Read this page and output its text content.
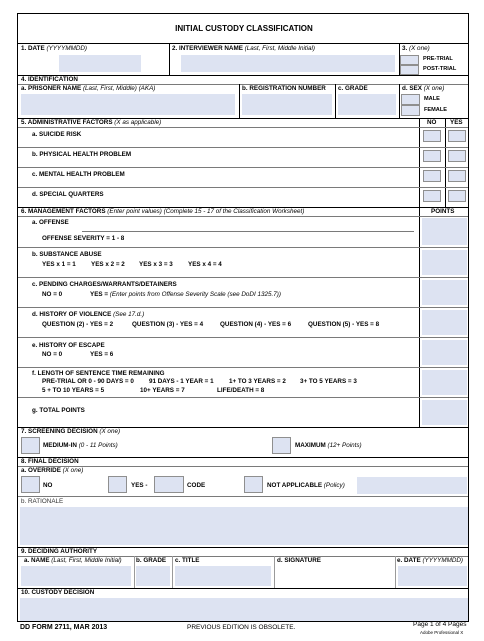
INITIAL CUSTODY CLASSIFICATION
1. DATE (YYYYMMDD)	2. INTERVIEWER NAME (Last, First, Middle Initial)	3. (X one)
PRE-TRIAL
POST-TRIAL
4. IDENTIFICATION
a. PRISONER NAME (Last, First, Middle) (AKA)	b. REGISTRATION NUMBER c. GRADE	d. SEX (X one)
MALE
FEMALE
5. ADMINISTRATIVE FACTORS (X as applicable)	NO YES
a. SUICIDE RISK
b. PHYSICAL HEALTH PROBLEM
c. MENTAL HEALTH PROBLEM
d. SPECIAL QUARTERS
6. MANAGEMENT FACTORS (Enter point values) (Complete 15 - 17 of the Classification Worksheet)	POINTS
a. OFFENSE
OFFENSE SEVERITY = 1 - 8
b. SUBSTANCE ABUSE
YES x 1 = 1 YES x 2 = 2 YES x 3 = 3 YES x 4 = 4
c. PENDING CHARGES/WARRANTS/DETAINERS
NO = 0	YES = (Enter points from Offense Severity Scale (see DoDI 1325.7))
d. HISTORY OF VIOLENCE (See 17.d.)
QUESTION (2) - YES = 2	QUESTION (3) - YES = 4	QUESTION (4) - YES = 6	QUESTION (5) - YES = 8
e. HISTORY OF ESCAPE
NO = 0	YES = 6
f. LENGTH OF SENTENCE TIME REMAINING
PRE-TRIAL OR 0 - 90 DAYS = 0 91 DAYS - 1 YEAR = 1 1+ TO 3 YEARS = 2 3+ TO 5 YEARS = 3
5 + TO 10 YEARS = 5	10+ YEARS = 7	LIFE/DEATH = 8
g. TOTAL POINTS
7. SCREENING DECISION (X one)
MEDIUM-IN (0 - 11 Points)	MAXIMUM (12+ Points)
8. FINAL DECISION
a. OVERRIDE (X one)
NO	YES -	CODE	NOT APPLICABLE (Policy)
b. RATIONALE
9. DECIDING AUTHORITY
a. NAME (Last, First, Middle Initial) b. GRADE c. TITLE	d. SIGNATURE	e. DATE (YYYYMMDD)
10. CUSTODY DECISION
DD FORM 2711, MAR 2013	PREVIOUS EDITION IS OBSOLETE.	Page 1 of 4 Pages
Adobe Professional X
